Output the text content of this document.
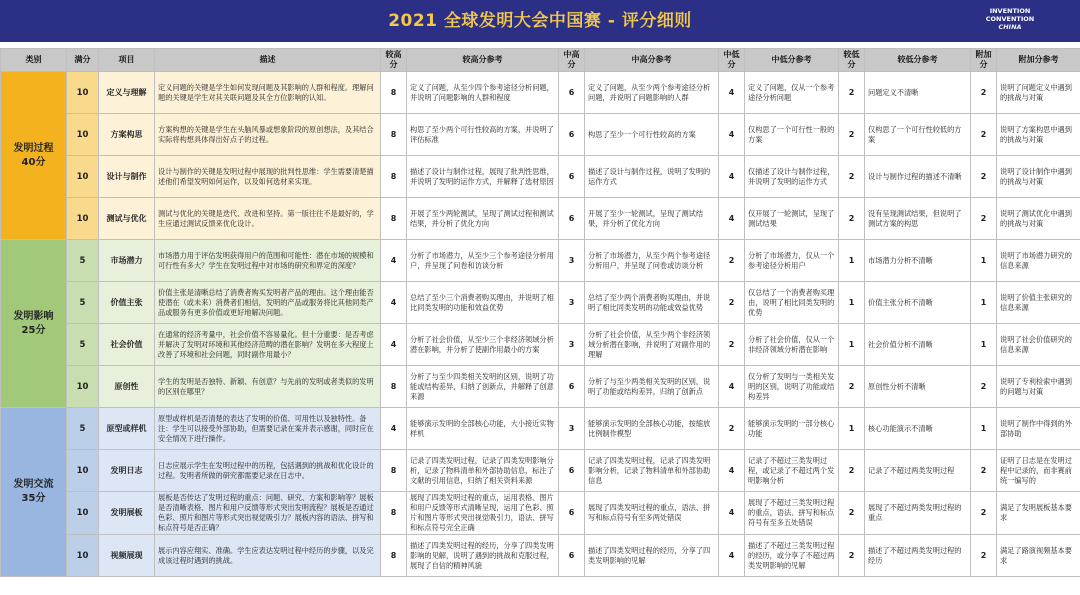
2021 全球发明大会中国赛 - 评分细则	INVENTION
CONVENTION
CHINA
类别	满分	项目	描述	较高分	较高分参考	中高分	中高分参考	中低分	中低分参考	较低分	较低分参考	附加分	附加分参考
发明过程
40分	10	定义与理解	定义问题的关键是学生如何发现问题及其影响的人群和程度。理解问题的关键是学生对其关联问题及其全方位影响的认知。	8	定义了问题，从至少四个参考途径分析问题，并说明了问题影响的人群和程度	6	定义了问题，从至少两个参考途径分析问题，并说明了问题影响的人群	4	定义了问题，仅从一个参考途径分析问题	2	问题定义不清晰	2	说明了问题定义中遇到的挑战与对策
	10	方案构思	方案构想的关键是学生在头脑风暴或想象阶段的原创想法，及其结合实际将构想具体得出好点子的过程。	8	构思了至少两个可行性较高的方案，并说明了评估标准	6	构思了至少一个可行性较高的方案	4	仅构思了一个可行性一般的方案	2	仅构思了一个可行性较低的方案	2	说明了方案构思中遇到的挑战与对策
	10	设计与制作	设计与制作的关键是发明过程中展现的批判性思维：学生需要清楚描述他们希望发明如何运作，以及如何选材来实现。	8	描述了设计与制作过程，展现了批判性思维，并说明了发明的运作方式，并解释了选材原因	6	描述了设计与制作过程，说明了发明的运作方式	4	仅描述了设计与制作过程，并说明了发明的运作方式	2	设计与制作过程的描述不清晰	2	说明了设计制作中遇到的挑战与对策
	10	测试与优化	测试与优化的关键是迭代、改进和坚持。第一版往往不是最好的，学生应通过测试反馈来优化设计。	8	开展了至少两轮测试，呈现了测试过程和测试结果，并分析了优化方向	6	开展了至少一轮测试，呈现了测试结果，并分析了优化方向	4	仅开展了一轮测试，呈现了测试结果	2	没有呈现测试结果，但说明了测试方案的构思	2	说明了测试优化中遇到的挑战与对策
发明影响
25分	5	市场潜力	市场潜力用于评估发明获得用户的范围和可能性：潜在市场的规模和可行性有多大？学生在发明过程中对市场的研究和界定的深度？	4	分析了市场潜力，从至少三个参考途径分析用户，并呈现了问卷和访谈分析	3	分析了市场潜力，从至少两个参考途径分析用户，并呈现了问卷或访谈分析	2	分析了市场潜力，仅从一个参考途径分析用户	1	市场潜力分析不清晰	1	说明了市场潜力研究的信息来源
	5	价值主张	价值主张是清晰总结了消费者购买发明者产品的理由。这个理由能否使潜在（或未来）消费者们相信，发明的产品或服务将比其他同类产品或服务有更多价值或更好地解决问题。	4	总结了至少三个消费者购买理由，并说明了相比同类发明的功能和效益优势	3	总结了至少两个消费者购买理由，并说明了相比同类发明的功能或效益优势	2	仅总结了一个消费者购买理由，说明了相比同类发明的优势	1	价值主张分析不清晰	1	说明了价值主张研究的信息来源
	5	社会价值	在通常的经济考量中，社会价值不容易量化。但十分重要：是否考虑并解决了发明对环境和其他经济范畴的潜在影响？发明在多大程度上改善了环境和社会问题，同时副作用最小？	4	分析了社会价值，从至少三个非经济领域分析潜在影响，并分析了使副作用最小的方案	3	分析了社会价值，从至少两个非经济领域分析潜在影响，并说明了对副作用的理解	2	分析了社会价值，仅从一个非经济领域分析潜在影响	1	社会价值分析不清晰	1	说明了社会价值研究的信息来源
	10	原创性	学生的发明是否独特、新颖、有创意？与先前的发明或者类似的发明的区别在哪里？	8	分析了与至少四类相关发明的区别，说明了功能或结构差异，归纳了创新点，并解释了创意来源	6	分析了与至少两类相关发明的区别，说明了功能或结构差异，归纳了创新点	4	仅分析了发明与一类相关发明的区别，说明了功能或结构差异	2	原创性分析不清晰	2	说明了专利检索中遇到的问题与对策
发明交流
35分	5	原型或样机	原型或样机是否清楚的表达了发明的价值、可用性以及独特性。备注：学生可以接受外部协助，但需要记录在案并表示感谢，同时应在安全情况下进行操作。	4	能够演示发明的全部核心功能，大小接近实物样机	3	能够演示发明的全部核心功能，按缩放比例制作模型	2	能够演示发明的一部分核心功能	1	核心功能演示不清晰	1	说明了制作中得到的外部协助
	10	发明日志	日志应展示学生在发明过程中的历程，包括遇到的挑战和优化设计的过程。发明者所做的研究都需要记录在日志中。	8	记录了四类发明过程，记录了四类发明影响分析，记录了物料清单和外部协助信息，标注了文献的引用信息，归纳了相关资料来源	6	记录了四类发明过程，记录了四类发明影响分析，记录了物料清单和外部协助信息	4	记录了不超过三类发明过程，或记录了不超过两个发明影响分析	2	记录了不超过两类发明过程	2	证明了日志是在发明过程中记录的，而非赛前统一编写的
	10	发明展板	展板是否传达了发明过程的重点：问题、研究、方案和影响等？展板是否清晰表格、图片和用户反馈等形式突出发明流程？展板是否通过色彩、照片和图片等形式突出视觉吸引力？展板内容的语法、拼写和标点符号是否正确？	8	展现了四类发明过程的重点，运用表格、图片和用户反馈等形式清晰呈现，运用了色彩、照片和图片等形式突出视觉吸引力，语法、拼写和标点符号完全正确	6	展现了四类发明过程的重点，语法、拼写和标点符号有至多两处错误	4	展现了不超过三类发明过程的重点，语法、拼写和标点符号有至多五处错误	2	展现了不超过两类发明过程的重点	2	满足了发明展板基本要求
	10	视频展现	展示内容应翔实、准确。学生应表达发明过程中经历的步骤，以及完成该过程时遇到的挑战。	8	描述了四类发明过程的经历，分享了四类发明影响的见解，说明了遇到的挑战和克服过程，展现了自信的精神风貌	6	描述了四类发明过程的经历，分享了四类发明影响的见解	4	描述了不超过三类发明过程的经历，或分享了不超过两类发明影响的见解	2	描述了不超过两类发明过程的经历	2	满足了路演视频基本要求
